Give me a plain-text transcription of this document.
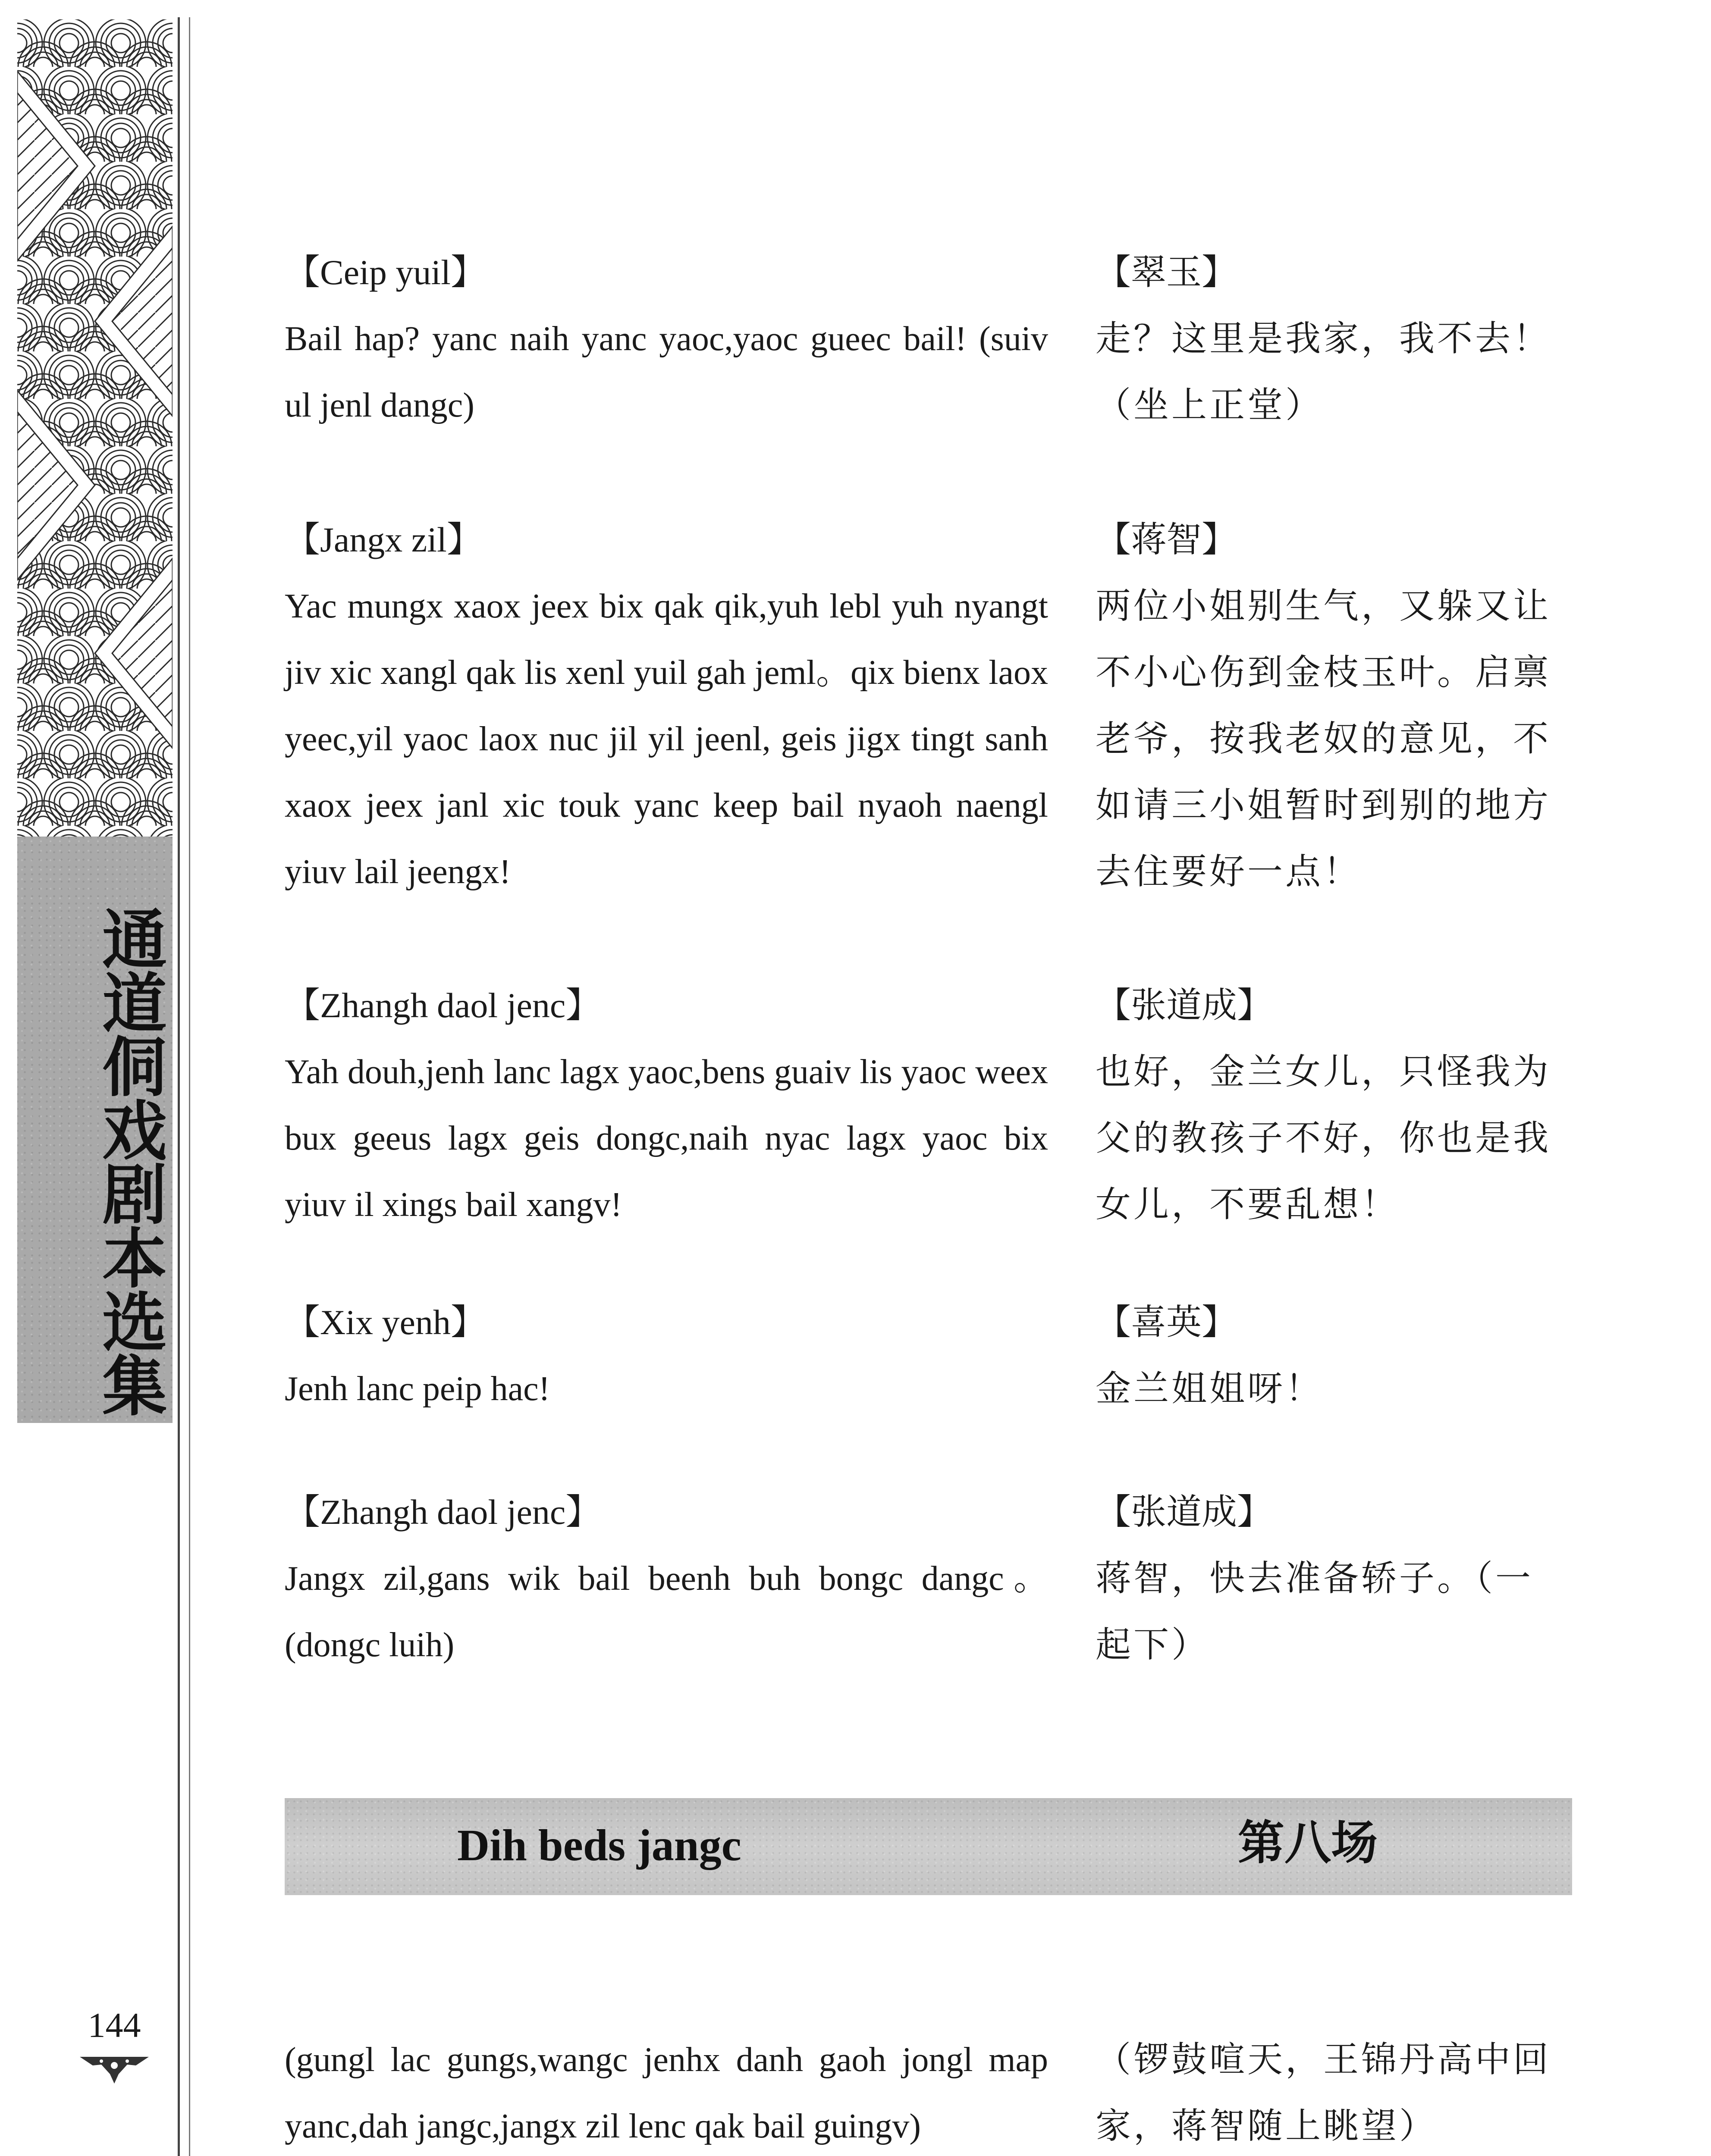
通道侗戏剧本选集
144
【Ceip yuil】
Bail hap? yanc naih yanc yaoc,yaoc gueec bail! (suiv ul jenl dangc)
【翠玉】
走？这里是我家，我不去！（坐上正堂）
【Jangx zil】
Yac mungx xaox jeex bix qak qik,yuh lebl yuh nyangt jiv xic xangl qak lis xenl yuil gah jeml。qix bienx laox yeec,yil yaoc laox nuc jil yil jeenl, geis jigx tingt sanh xaox jeex janl xic touk yanc keep bail nyaoh naengl yiuv lail jeengx!
【蒋智】
两位小姐别生气，又躲又让不小心伤到金枝玉叶。启禀老爷，按我老奴的意见，不如请三小姐暂时到别的地方去住要好一点！
【Zhangh daol jenc】
Yah douh,jenh lanc lagx yaoc,bens guaiv lis yaoc weex bux geeus lagx geis dongc,naih nyac lagx yaoc bix yiuv il xings bail xangv!
【张道成】
也好，金兰女儿，只怪我为父的教孩子不好，你也是我女儿，不要乱想！
【Xix yenh】
Jenh lanc peip hac!
【喜英】
金兰姐姐呀！
【Zhangh daol jenc】
Jangx zil,gans wik bail beenh buh bongc dangc。 (dongc luih)
【张道成】
蒋智，快去准备轿子。（一起下）
Dih beds jangc	第八场
(gungl lac gungs,wangc jenhx danh gaoh jongl map yanc,dah jangc,jangx zil lenc qak bail guingv)
（锣鼓喧天，王锦丹高中回家，蒋智随上眺望）
